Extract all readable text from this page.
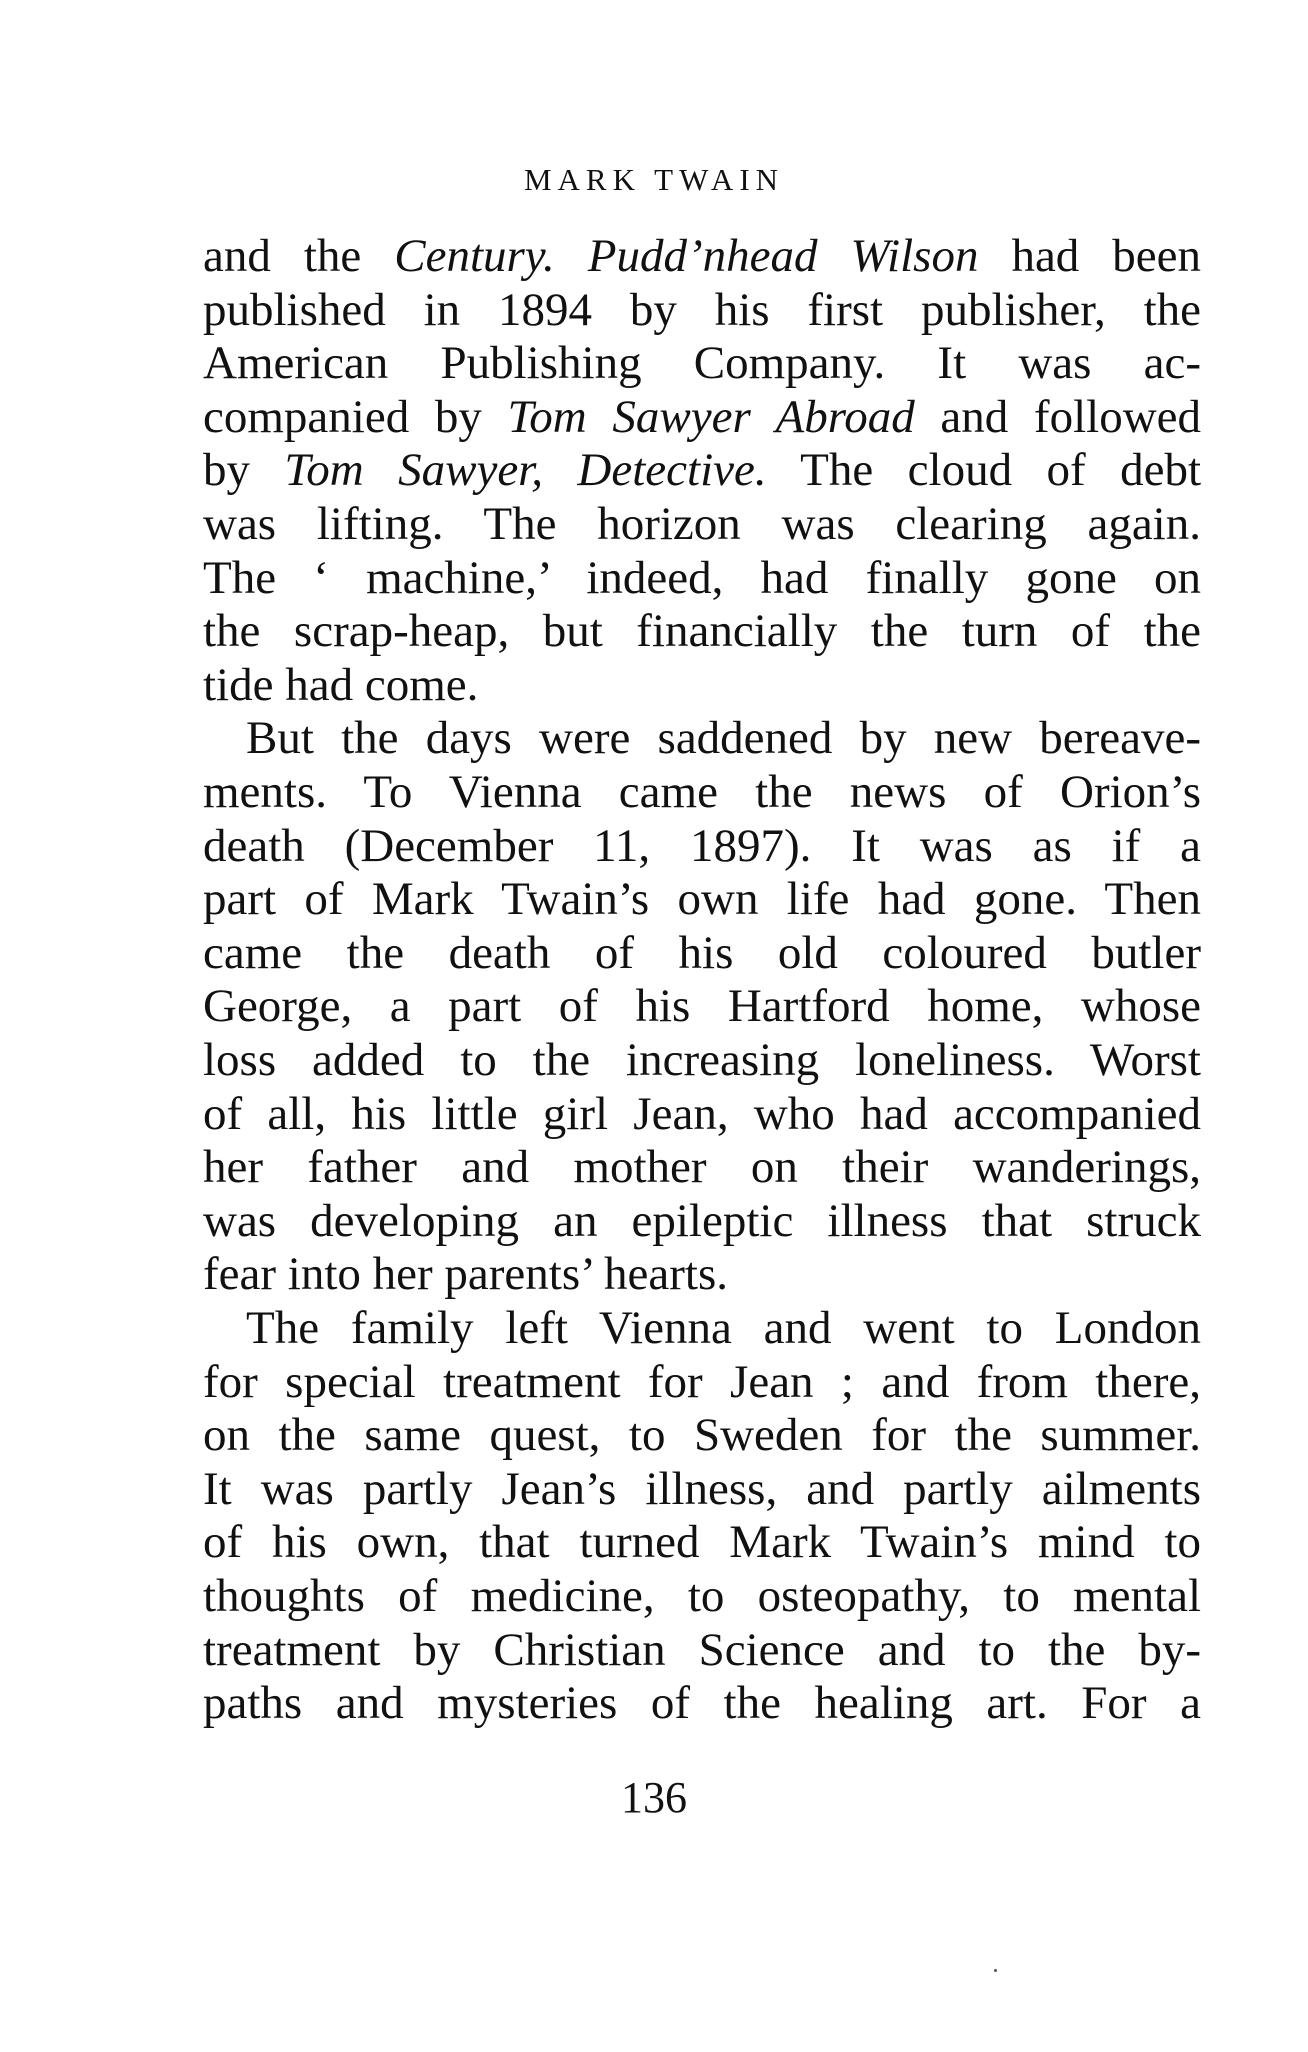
MARK TWAIN
and the Century. Pudd’nhead Wilson had been
published in 1894 by his first publisher, the
American Publishing Company. It was ac-
companied by Tom Sawyer Abroad and followed
by Tom Sawyer, Detective. The cloud of debt
was lifting. The horizon was clearing again.
The ‘ machine,’ indeed, had finally gone on
the scrap-heap, but financially the turn of the
tide had come.
But the days were saddened by new bereave-
ments. To Vienna came the news of Orion’s
death (December 11, 1897). It was as if a
part of Mark Twain’s own life had gone. Then
came the death of his old coloured butler
George, a part of his Hartford home, whose
loss added to the increasing loneliness. Worst
of all, his little girl Jean, who had accompanied
her father and mother on their wanderings,
was developing an epileptic illness that struck
fear into her parents’ hearts.
The family left Vienna and went to London
for special treatment for Jean ; and from there,
on the same quest, to Sweden for the summer.
It was partly Jean’s illness, and partly ailments
of his own, that turned Mark Twain’s mind to
thoughts of medicine, to osteopathy, to mental
treatment by Christian Science and to the by-
paths and mysteries of the healing art. For a
136
